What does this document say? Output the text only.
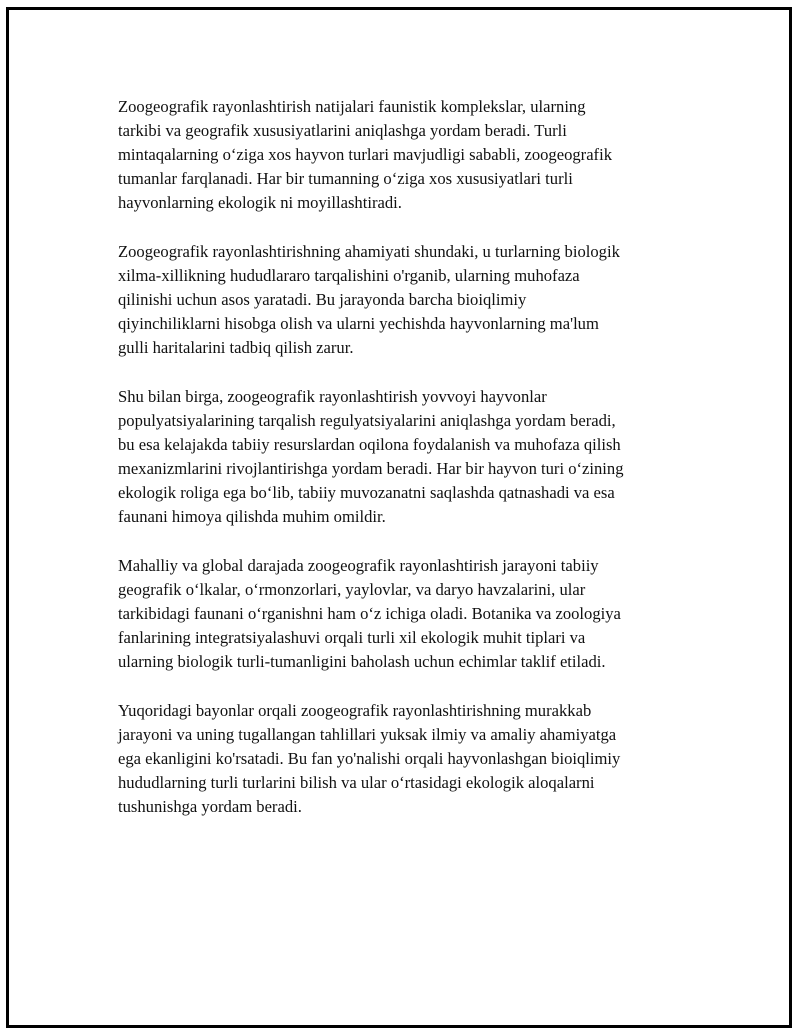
Zoogeografik rayonlashtirish natijalari faunistik komplekslar, ularning
tarkibi va geografik xususiyatlarini aniqlashga yordam beradi. Turli
mintaqalarning o‘ziga xos hayvon turlari mavjudligi sababli, zoogeografik
tumanlar farqlanadi. Har bir tumanning o‘ziga xos xususiyatlari turli
hayvonlarning ekologik ni moyillashtiradi.

Zoogeografik rayonlashtirishning ahamiyati shundaki, u turlarning biologik
xilma-xillikning hududlararo tarqalishini o'rganib, ularning muhofaza
qilinishi uchun asos yaratadi. Bu jarayonda barcha bioiqlimiy
qiyinchiliklarni hisobga olish va ularni yechishda hayvonlarning ma'lum
gulli haritalarini tadbiq qilish zarur.

Shu bilan birga, zoogeografik rayonlashtirish yovvoyi hayvonlar
populyatsiyalarining tarqalish regulyatsiyalarini aniqlashga yordam beradi,
bu esa kelajakda tabiiy resurslardan oqilona foydalanish va muhofaza qilish
mexanizmlarini rivojlantirishga yordam beradi. Har bir hayvon turi o‘zining
ekologik roliga ega bo‘lib, tabiiy muvozanatni saqlashda qatnashadi va esa
faunani himoya qilishda muhim omildir.

Mahalliy va global darajada zoogeografik rayonlashtirish jarayoni tabiiy
geografik o‘lkalar, o‘rmonzorlari, yaylovlar, va daryo havzalarini, ular
tarkibidagi faunani o‘rganishni ham o‘z ichiga oladi. Botanika va zoologiya
fanlarining integratsiyalashuvi orqali turli xil ekologik muhit tiplari va
ularning biologik turli-tumanligini baholash uchun echimlar taklif etiladi.

Yuqoridagi bayonlar orqali zoogeografik rayonlashtirishning murakkab
jarayoni va uning tugallangan tahlillari yuksak ilmiy va amaliy ahamiyatga
ega ekanligini ko'rsatadi. Bu fan yo'nalishi orqali hayvonlashgan bioiqlimiy
hududlarning turli turlarini bilish va ular o‘rtasidagi ekologik aloqalarni
tushunishga yordam beradi.
